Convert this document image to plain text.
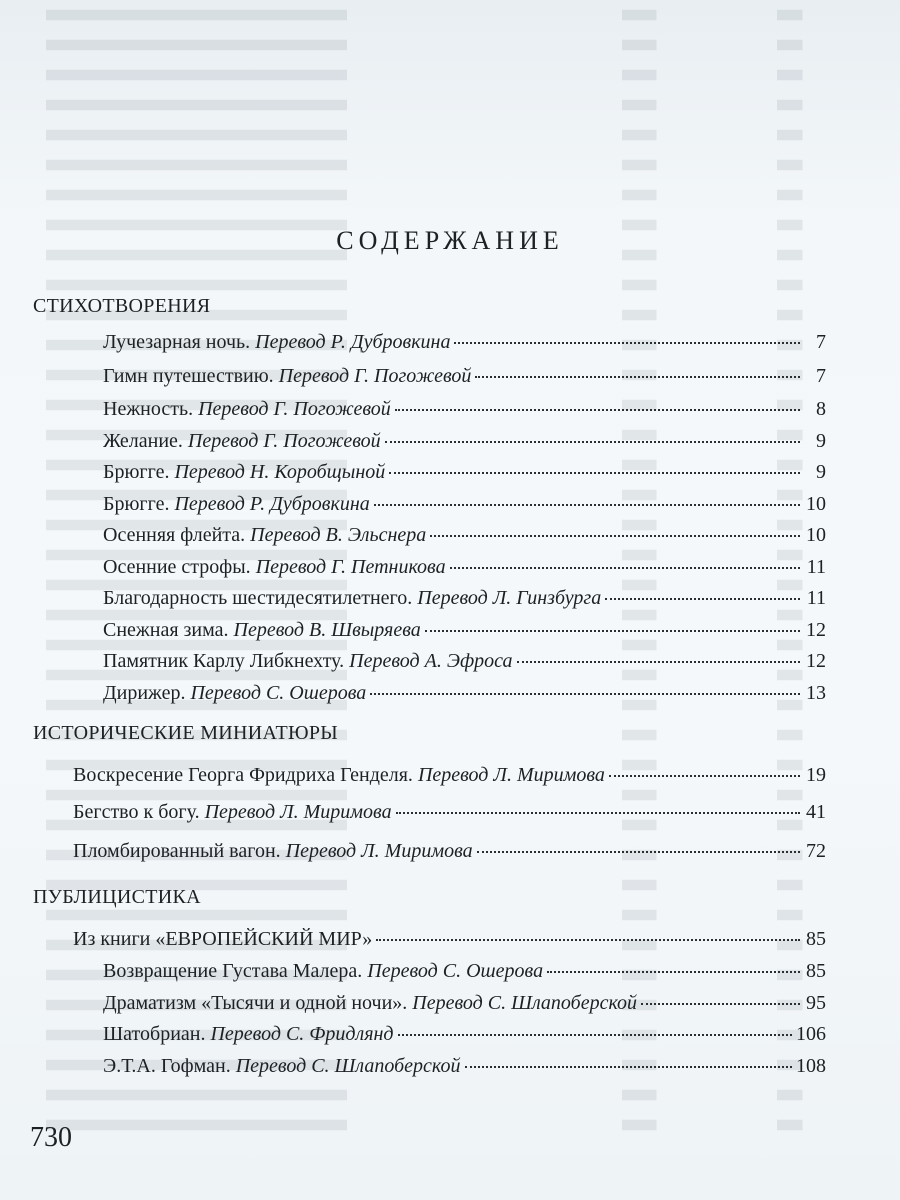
СОДЕРЖАНИЕ
СТИХОТВОРЕНИЯ
Лучезарная ночь. Перевод Р. Дубровкина	7
Гимн путешествию. Перевод Г. Погожевой	7
Нежность. Перевод Г. Погожевой	8
Желание. Перевод Г. Погожевой	9
Брюгге. Перевод Н. Коробщыной	9
Брюгге. Перевод Р. Дубровкина	10
Осенняя флейта. Перевод В. Эльснера	10
Осенние строфы. Перевод Г. Петникова	11
Благодарность шестидесятилетнего. Перевод Л. Гинзбурга	11
Снежная зима. Перевод В. Швыряева	12
Памятник Карлу Либкнехту. Перевод А. Эфроса	12
Дирижер. Перевод С. Ошерова	13
ИСТОРИЧЕСКИЕ МИНИАТЮРЫ
Воскресение Георга Фридриха Генделя. Перевод Л. Миримова	19
Бегство к богу. Перевод Л. Миримова	41
Пломбированный вагон. Перевод Л. Миримова	72
ПУБЛИЦИСТИКА
Из книги «ЕВРОПЕЙСКИЙ МИР»	85
Возвращение Густава Малера. Перевод С. Ошерова	85
Драматизм «Тысячи и одной ночи». Перевод С. Шлапоберской	95
Шатобриан. Перевод С. Фридлянд	106
Э.Т.А. Гофман. Перевод С. Шлапоберской	108
730
